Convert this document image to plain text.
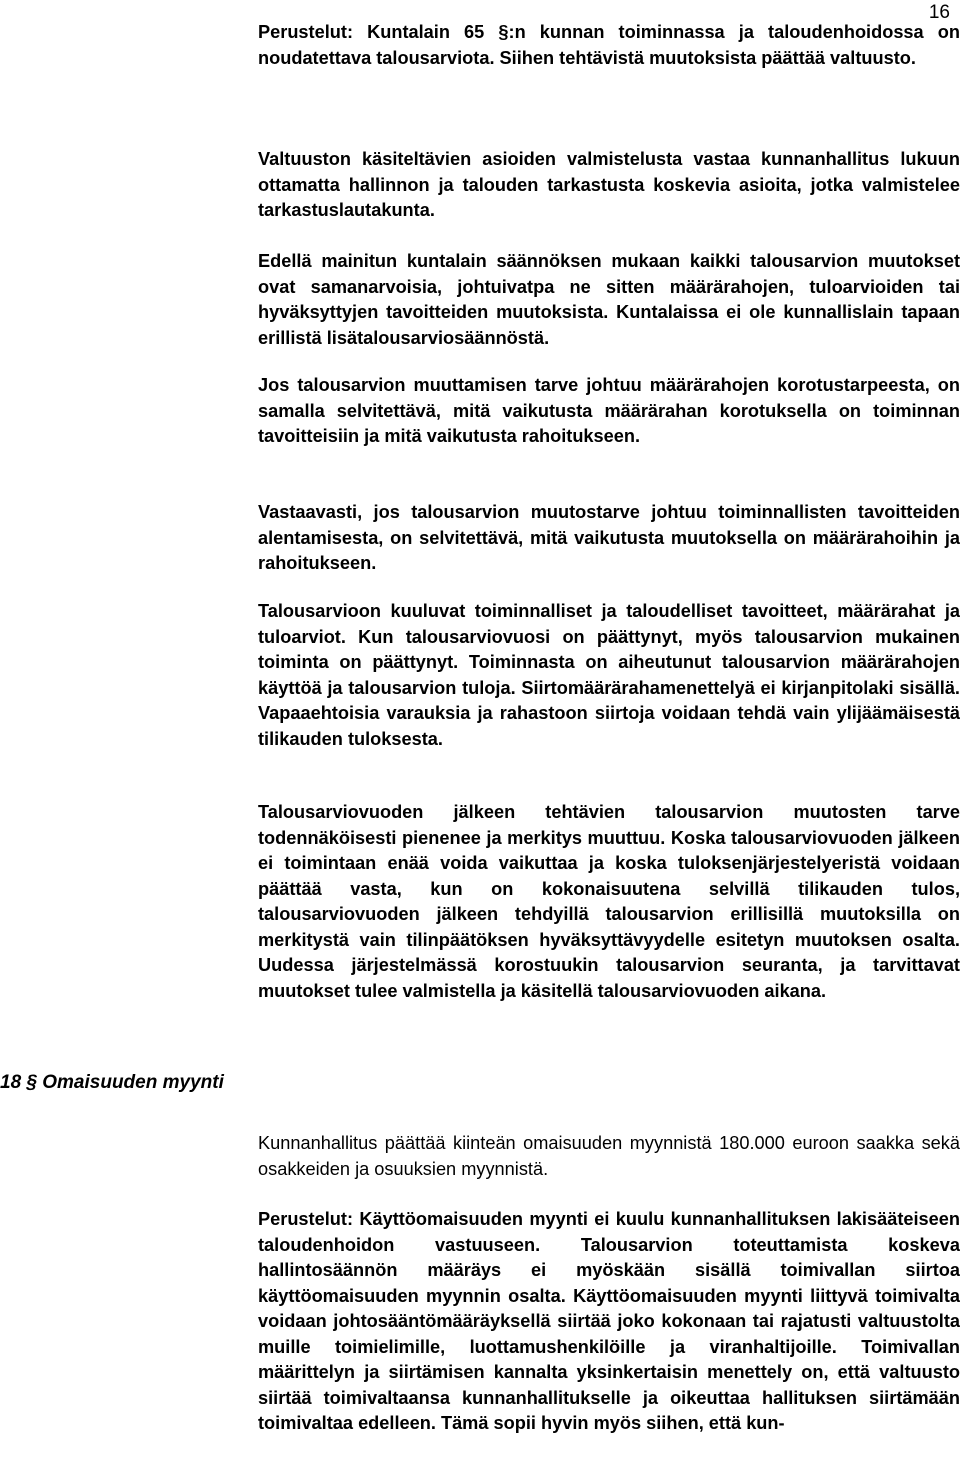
16
18 § Omaisuuden myynti

Perustelut: Kuntalain 65 §:n kunnan toiminnassa ja taloudenhoidossa on noudatettava talousarviota. Siihen tehtävistä muutoksista päättää valtuusto.

Valtuuston käsiteltävien asioiden valmistelusta vastaa kunnanhallitus lukuun ottamatta hallinnon ja talouden tarkastusta koskevia asioita, jotka valmistelee tarkastuslautakunta.

Edellä mainitun kuntalain säännöksen mukaan kaikki talousarvion muutokset ovat samanarvoisia, johtuivatpa ne sitten määrärahojen, tuloarvioiden tai hyväksyttyjen tavoitteiden muutoksista. Kuntalaissa ei ole kunnallislain tapaan erillistä lisätalousarviosäännöstä.

Jos talousarvion muuttamisen tarve johtuu määrärahojen korotustarpeesta, on samalla selvitettävä, mitä vaikutusta määrärahan korotuksella on toiminnan tavoitteisiin ja mitä vaikutusta rahoitukseen.

Vastaavasti, jos talousarvion muutostarve johtuu toiminnallisten tavoitteiden alentamisesta, on selvitettävä, mitä vaikutusta muutoksella on määrärahoihin ja rahoitukseen.

Talousarvioon kuuluvat toiminnalliset ja taloudelliset tavoitteet, määrärahat ja tuloarviot. Kun talousarviovuosi on päättynyt, myös talousarvion mukainen toiminta on päättynyt. Toiminnasta on aiheutunut talousarvion määrärahojen käyttöä ja talousarvion tuloja. Siirtomäärärahamenettelyä ei kirjanpitolaki sisällä. Vapaaehtoisia varauksia ja rahastoon siirtoja voidaan tehdä vain ylijäämäisestä tilikauden tuloksesta.

Talousarviovuoden jälkeen tehtävien talousarvion muutosten tarve todennäköisesti pienenee ja merkitys muuttuu. Koska talousarviovuoden jälkeen ei toimintaan enää voida vaikuttaa ja koska tuloksenjärjestelyeristä voidaan päättää vasta, kun on kokonaisuutena selvillä tilikauden tulos, talousarviovuoden jälkeen tehdyillä talousarvion erillisillä muutoksilla on merkitystä vain tilinpäätöksen hyväksyttävyydelle esitetyn muutoksen osalta. Uudessa järjestelmässä korostuukin talousarvion seuranta, ja tarvittavat muutokset tulee valmistella ja käsitellä talousarviovuoden aikana.

Kunnanhallitus päättää kiinteän omaisuuden myynnistä 180.000 euroon saakka sekä osakkeiden ja osuuksien myynnistä.

Perustelut: Käyttöomaisuuden myynti ei kuulu kunnanhallituksen lakisääteiseen taloudenhoidon vastuuseen. Talousarvion toteuttamista koskeva hallintosäännön määräys ei myöskään sisällä toimivallan siirtoa käyttöomaisuuden myynnin osalta. Käyttöomaisuuden myynti liittyvä toimivalta voidaan johtosääntömääräyksellä siirtää joko kokonaan tai rajatusti valtuustolta muille toimielimille, luottamushenkilöille ja viranhaltijoille. Toimivallan määrittelyn ja siirtämisen kannalta yksinkertaisin menettely on, että valtuusto siirtää toimivaltaansa kunnanhallitukselle ja oikeuttaa hallituksen siirtämään toimivaltaa edelleen. Tämä sopii hyvin myös siihen, että kun-
